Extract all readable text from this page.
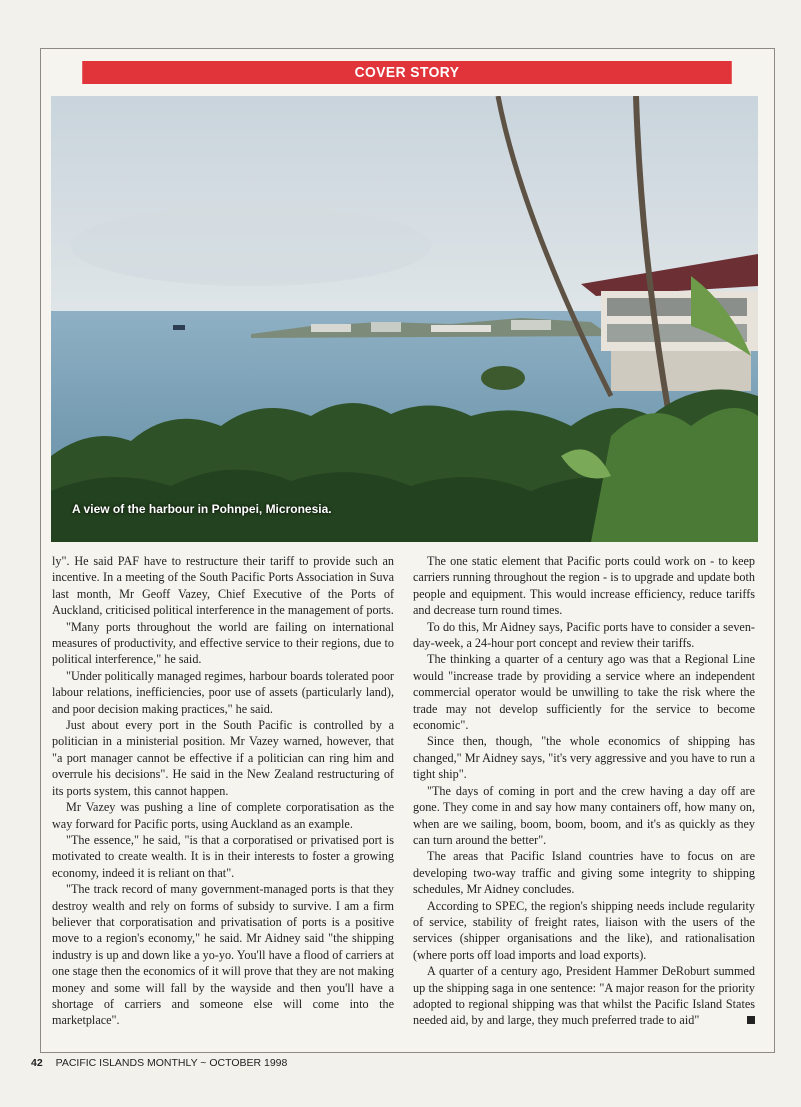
COVER STORY
A view of the harbour in Pohnpei, Micronesia.

ly". He said PAF have to restructure their tariff to provide such an incentive. In a meeting of the South Pacific Ports Association in Suva last month, Mr Geoff Vazey, Chief Executive of the Ports of Auckland, criticised political interference in the management of ports.

"Many ports throughout the world are failing on international measures of productivity, and effective service to their regions, due to political interference," he said.

"Under politically managed regimes, harbour boards tolerated poor labour relations, inefficiencies, poor use of assets (particularly land), and poor decision making practices," he said.

Just about every port in the South Pacific is controlled by a politician in a ministerial position. Mr Vazey warned, however, that "a port manager cannot be effective if a politician can ring him and overrule his decisions". He said in the New Zealand restructuring of its ports system, this cannot happen.

Mr Vazey was pushing a line of complete corporatisation as the way forward for Pacific ports, using Auckland as an example.

"The essence," he said, "is that a corporatised or privatised port is motivated to create wealth. It is in their interests to foster a growing economy, indeed it is reliant on that".

"The track record of many government-managed ports is that they destroy wealth and rely on forms of subsidy to survive. I am a firm believer that corporatisation and privatisation of ports is a positive move to a region's economy," he said. Mr Aidney said "the shipping industry is up and down like a yo-yo. You'll have a flood of carriers at one stage then the economics of it will prove that they are not making money and some will fall by the wayside and then you'll have a shortage of carriers and someone else will come into the marketplace".

The one static element that Pacific ports could work on - to keep carriers running throughout the region - is to upgrade and update both people and equipment. This would increase efficiency, reduce tariffs and decrease turn round times.

To do this, Mr Aidney says, Pacific ports have to consider a seven-day-week, a 24-hour port concept and review their tariffs.

The thinking a quarter of a century ago was that a Regional Line would "increase trade by providing a service where an independent commercial operator would be unwilling to take the risk where the trade may not develop sufficiently for the service to become economic".

Since then, though, "the whole economics of shipping has changed," Mr Aidney says, "it's very aggressive and you have to run a tight ship".

"The days of coming in port and the crew having a day off are gone. They come in and say how many containers off, how many on, when are we sailing, boom, boom, boom, and it's as quickly as they can turn around the better".

The areas that Pacific Island countries have to focus on are developing two-way traffic and giving some integrity to shipping schedules, Mr Aidney concludes.

According to SPEC, the region's shipping needs include regularity of service, stability of freight rates, liaison with the users of the services (shipper organisations and the like), and rationalisation (where ports off load imports and load exports).

A quarter of a century ago, President Hammer DeRoburt summed up the shipping saga in one sentence: "A major reason for the priority adopted to regional shipping was that whilst the Pacific Island States needed aid, by and large, they much preferred trade to aid"

42 PACIFIC ISLANDS MONTHLY ~ OCTOBER 1998
